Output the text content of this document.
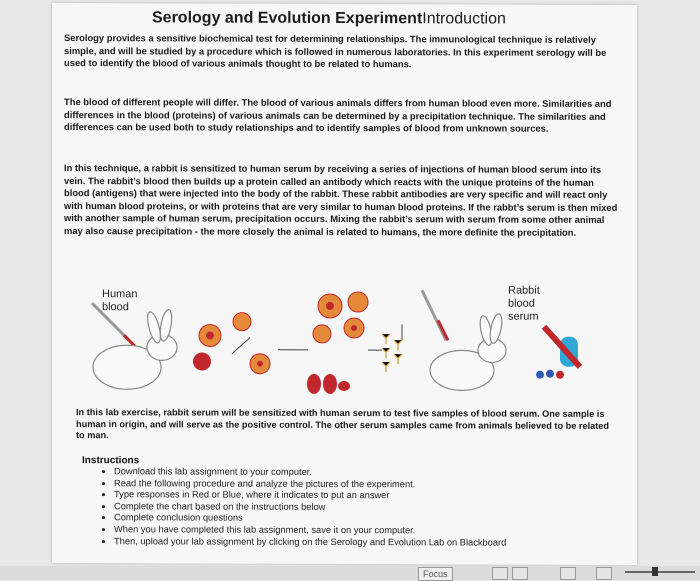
Serology and Evolution ExperimentIntroduction
Serology provides a sensitive biochemical test for determining relationships. The immunological technique is relatively simple, and will be studied by a procedure which is followed in numerous laboratories. In this experiment serology will be used to identify the blood of various animals thought to be related to humans.
The blood of different people will differ. The blood of various animals differs from human blood even more. Similarities and differences in the blood (proteins) of various animals can be determined by a precipitation technique. The similarities and differences can be used both to study relationships and to identify samples of blood from unknown sources.
In this technique, a rabbit is sensitized to human serum by receiving a series of injections of human blood serum into its vein. The rabbit’s blood then builds up a protein called an antibody which reacts with the unique proteins of the human blood (antigens) that were injected into the body of the rabbit. These rabbit antibodies are very specific and will react only with human blood proteins, or with proteins that are very similar to human blood proteins. If the rabbt’s serum is then mixed with another sample of human serum, precipitation occurs. Mixing the rabbit’s serum with serum from some other animal may also cause precipitation - the more closely the animal is related to humans, the more definite the precipitation.
Human blood
Rabbit blood serum
In this lab exercise, rabbit serum will be sensitized with human serum to test five samples of blood serum. One sample is human in origin, and will serve as the positive control. The other serum samples came from animals believed to be related to man.
Instructions
• Download this lab assignment to your computer.
• Read the following procedure and analyze the pictures of the experiment.
• Type responses in Red or Blue, where it indicates to put an answer
• Complete the chart based on the instructions below
• Complete conclusion questions
• When you have completed this lab assignment, save it on your computer.
• Then, upload your lab assignment by clicking on the Serology and Evolution Lab on Blackboard
Focus
